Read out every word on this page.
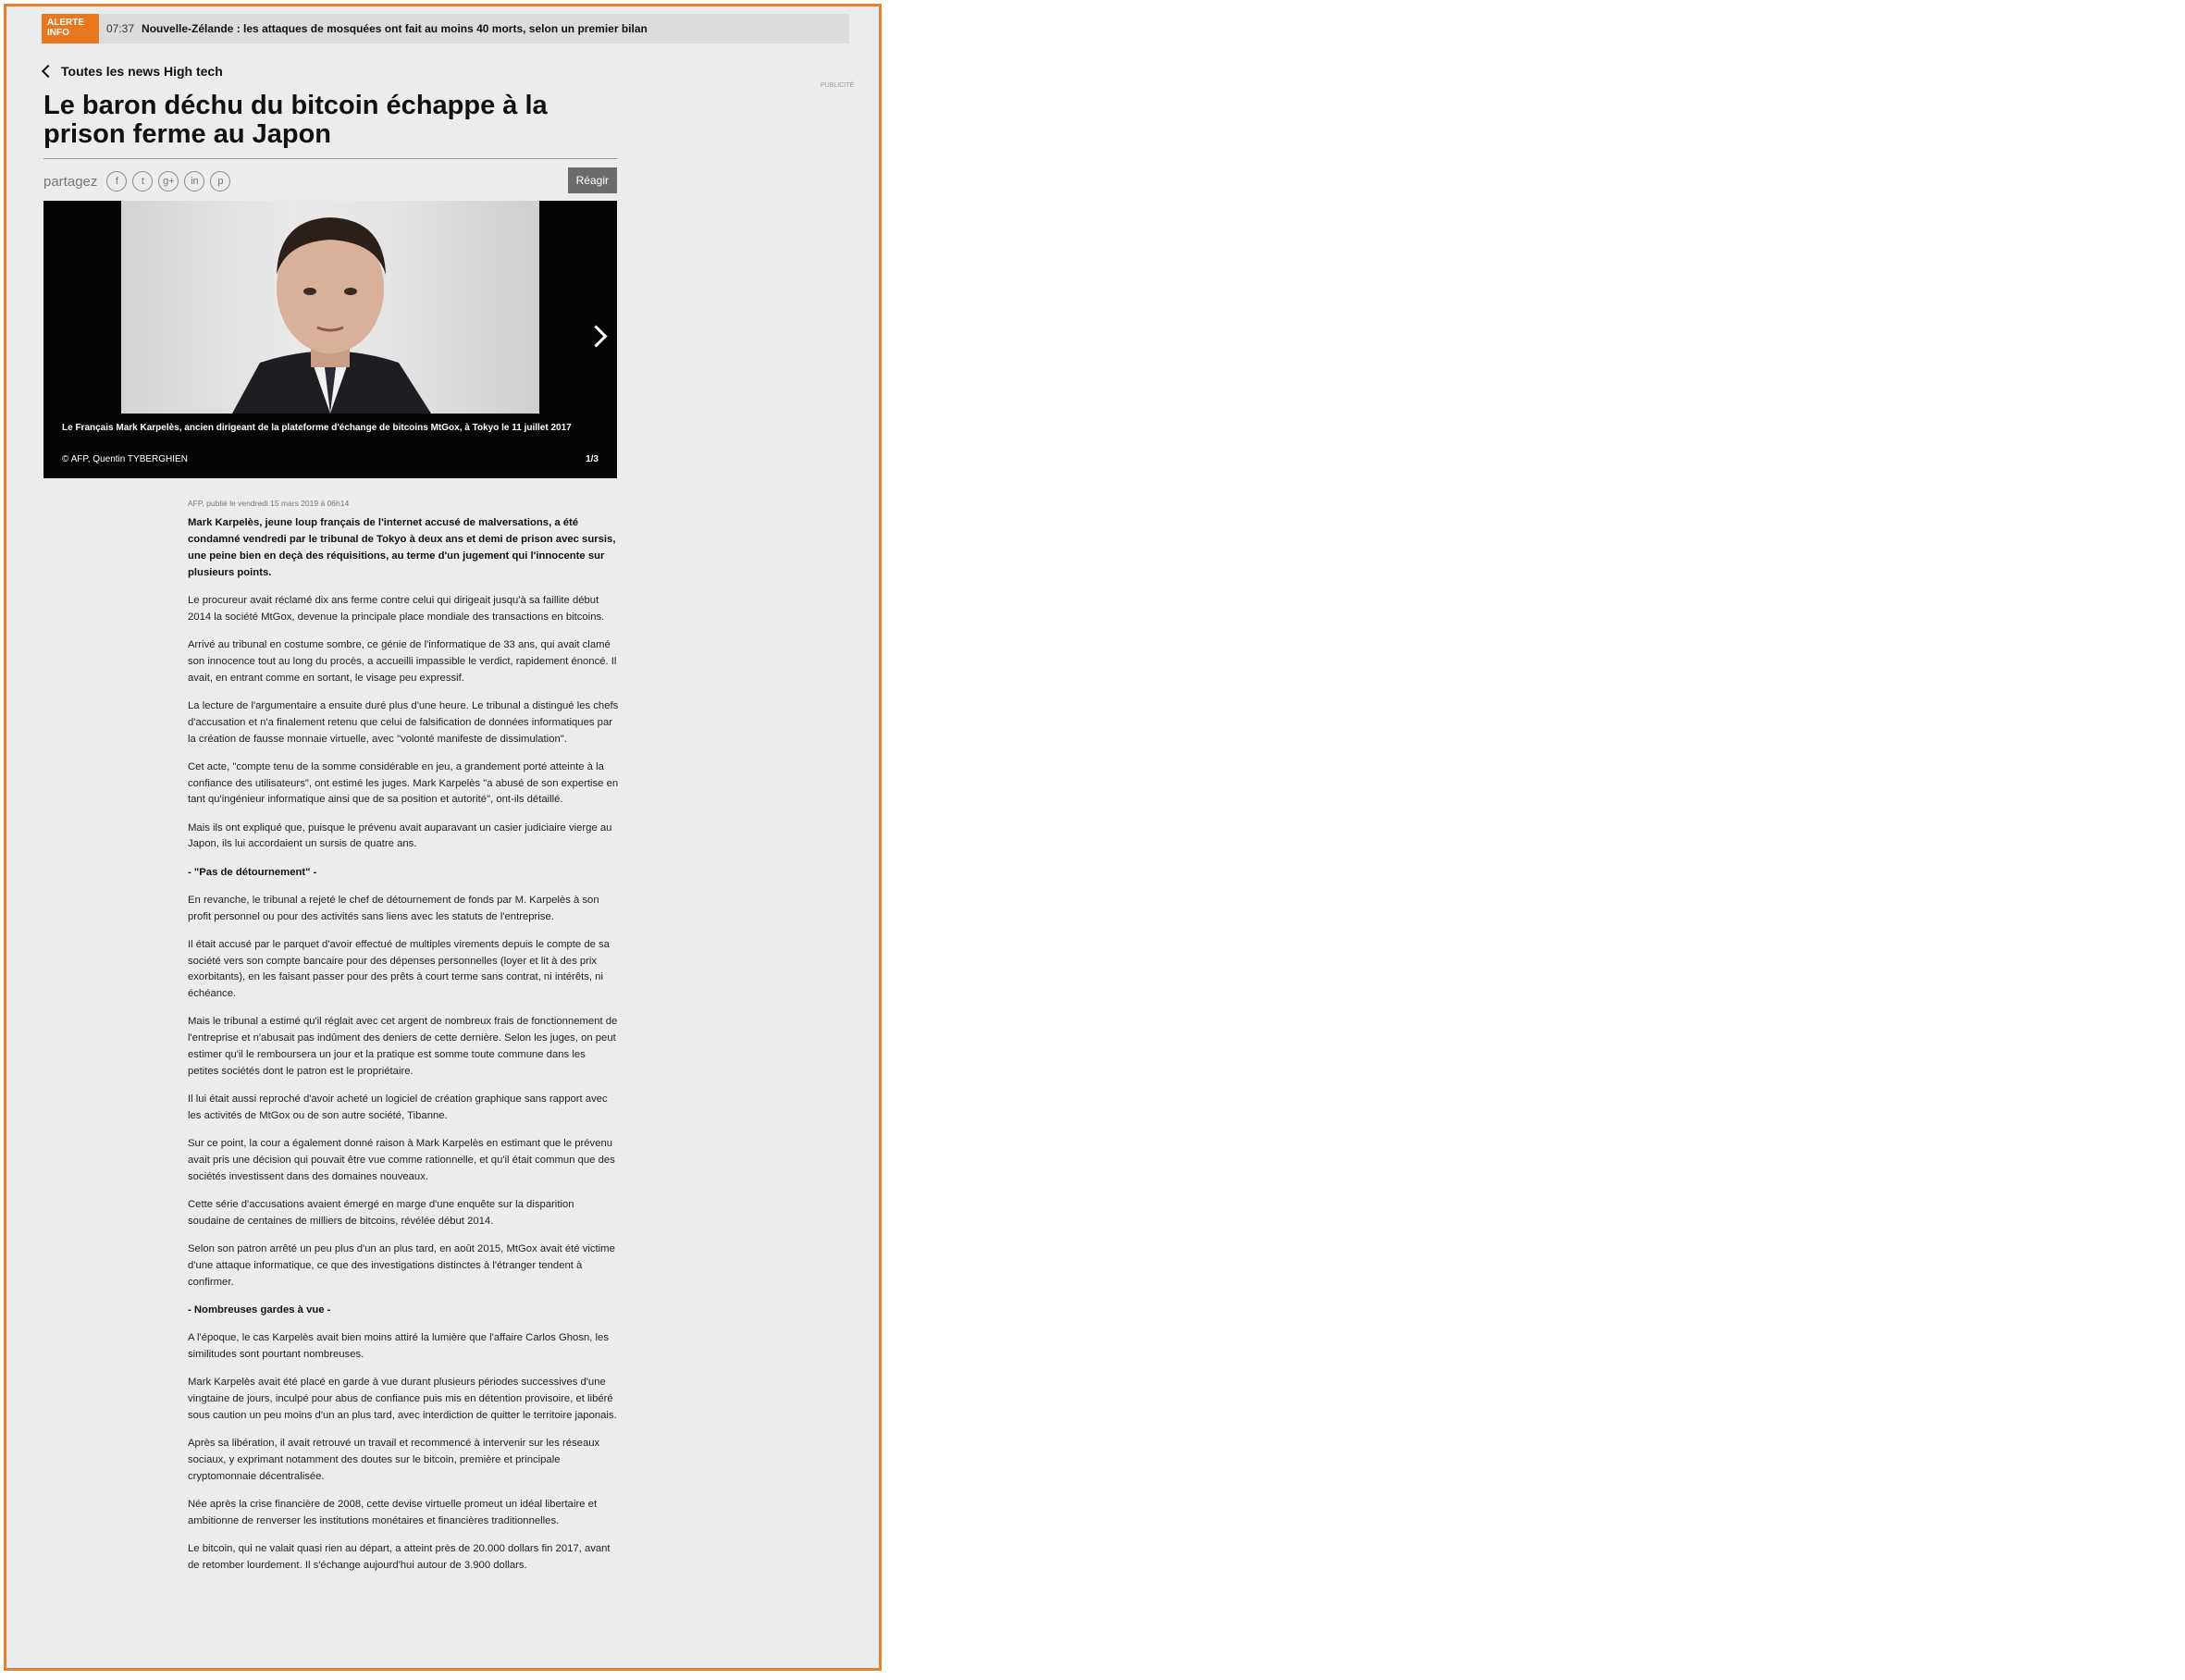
ALERTE INFO	07:37 Nouvelle-Zélande : les attaques de mosquées ont fait au moins 40 morts, selon un premier bilan
Toutes les news High tech
PUBLICITÉ
Le baron déchu du bitcoin échappe à la prison ferme au Japon
partagez	f	t	g+	in	p	Réagir
Le Français Mark Karpelès, ancien dirigeant de la plateforme d'échange de bitcoins MtGox, à Tokyo le 11 juillet 2017
© AFP, Quentin TYBERGHIEN	1/3
AFP, publié le vendredi 15 mars 2019 à 06h14

Mark Karpelès, jeune loup français de l'internet accusé de malversations, a été condamné vendredi par le tribunal de Tokyo à deux ans et demi de prison avec sursis, une peine bien en deçà des réquisitions, au terme d'un jugement qui l'innocente sur plusieurs points.

Le procureur avait réclamé dix ans ferme contre celui qui dirigeait jusqu'à sa faillite début 2014 la société MtGox, devenue la principale place mondiale des transactions en bitcoins.

Arrivé au tribunal en costume sombre, ce génie de l'informatique de 33 ans, qui avait clamé son innocence tout au long du procès, a accueilli impassible le verdict, rapidement énoncé. Il avait, en entrant comme en sortant, le visage peu expressif.

La lecture de l'argumentaire a ensuite duré plus d'une heure. Le tribunal a distingué les chefs d'accusation et n'a finalement retenu que celui de falsification de données informatiques par la création de fausse monnaie virtuelle, avec "volonté manifeste de dissimulation".

Cet acte, "compte tenu de la somme considérable en jeu, a grandement porté atteinte à la confiance des utilisateurs", ont estimé les juges. Mark Karpelès "a abusé de son expertise en tant qu'ingénieur informatique ainsi que de sa position et autorité", ont-ils détaillé.

Mais ils ont expliqué que, puisque le prévenu avait auparavant un casier judiciaire vierge au Japon, ils lui accordaient un sursis de quatre ans.

- "Pas de détournement" -

En revanche, le tribunal a rejeté le chef de détournement de fonds par M. Karpelès à son profit personnel ou pour des activités sans liens avec les statuts de l'entreprise.

Il était accusé par le parquet d'avoir effectué de multiples virements depuis le compte de sa société vers son compte bancaire pour des dépenses personnelles (loyer et lit à des prix exorbitants), en les faisant passer pour des prêts à court terme sans contrat, ni intérêts, ni échéance.

Mais le tribunal a estimé qu'il réglait avec cet argent de nombreux frais de fonctionnement de l'entreprise et n'abusait pas indûment des deniers de cette dernière. Selon les juges, on peut estimer qu'il le remboursera un jour et la pratique est somme toute commune dans les petites sociétés dont le patron est le propriétaire.

Il lui était aussi reproché d'avoir acheté un logiciel de création graphique sans rapport avec les activités de MtGox ou de son autre société, Tibanne.

Sur ce point, la cour a également donné raison à Mark Karpelès en estimant que le prévenu avait pris une décision qui pouvait être vue comme rationnelle, et qu'il était commun que des sociétés investissent dans des domaines nouveaux.

Cette série d'accusations avaient émergé en marge d'une enquête sur la disparition soudaine de centaines de milliers de bitcoins, révélée début 2014.

Selon son patron arrêté un peu plus d'un an plus tard, en août 2015, MtGox avait été victime d'une attaque informatique, ce que des investigations distinctes à l'étranger tendent à confirmer.

- Nombreuses gardes à vue -

A l'époque, le cas Karpelès avait bien moins attiré la lumière que l'affaire Carlos Ghosn, les similitudes sont pourtant nombreuses.

Mark Karpelès avait été placé en garde à vue durant plusieurs périodes successives d'une vingtaine de jours, inculpé pour abus de confiance puis mis en détention provisoire, et libéré sous caution un peu moins d'un an plus tard, avec interdiction de quitter le territoire japonais.

Après sa libération, il avait retrouvé un travail et recommencé à intervenir sur les réseaux sociaux, y exprimant notamment des doutes sur le bitcoin, première et principale cryptomonnaie décentralisée.

Née après la crise financière de 2008, cette devise virtuelle promeut un idéal libertaire et ambitionne de renverser les institutions monétaires et financières traditionnelles.

Le bitcoin, qui ne valait quasi rien au départ, a atteint près de 20.000 dollars fin 2017, avant de retomber lourdement. Il s'échange aujourd'hui autour de 3.900 dollars.
